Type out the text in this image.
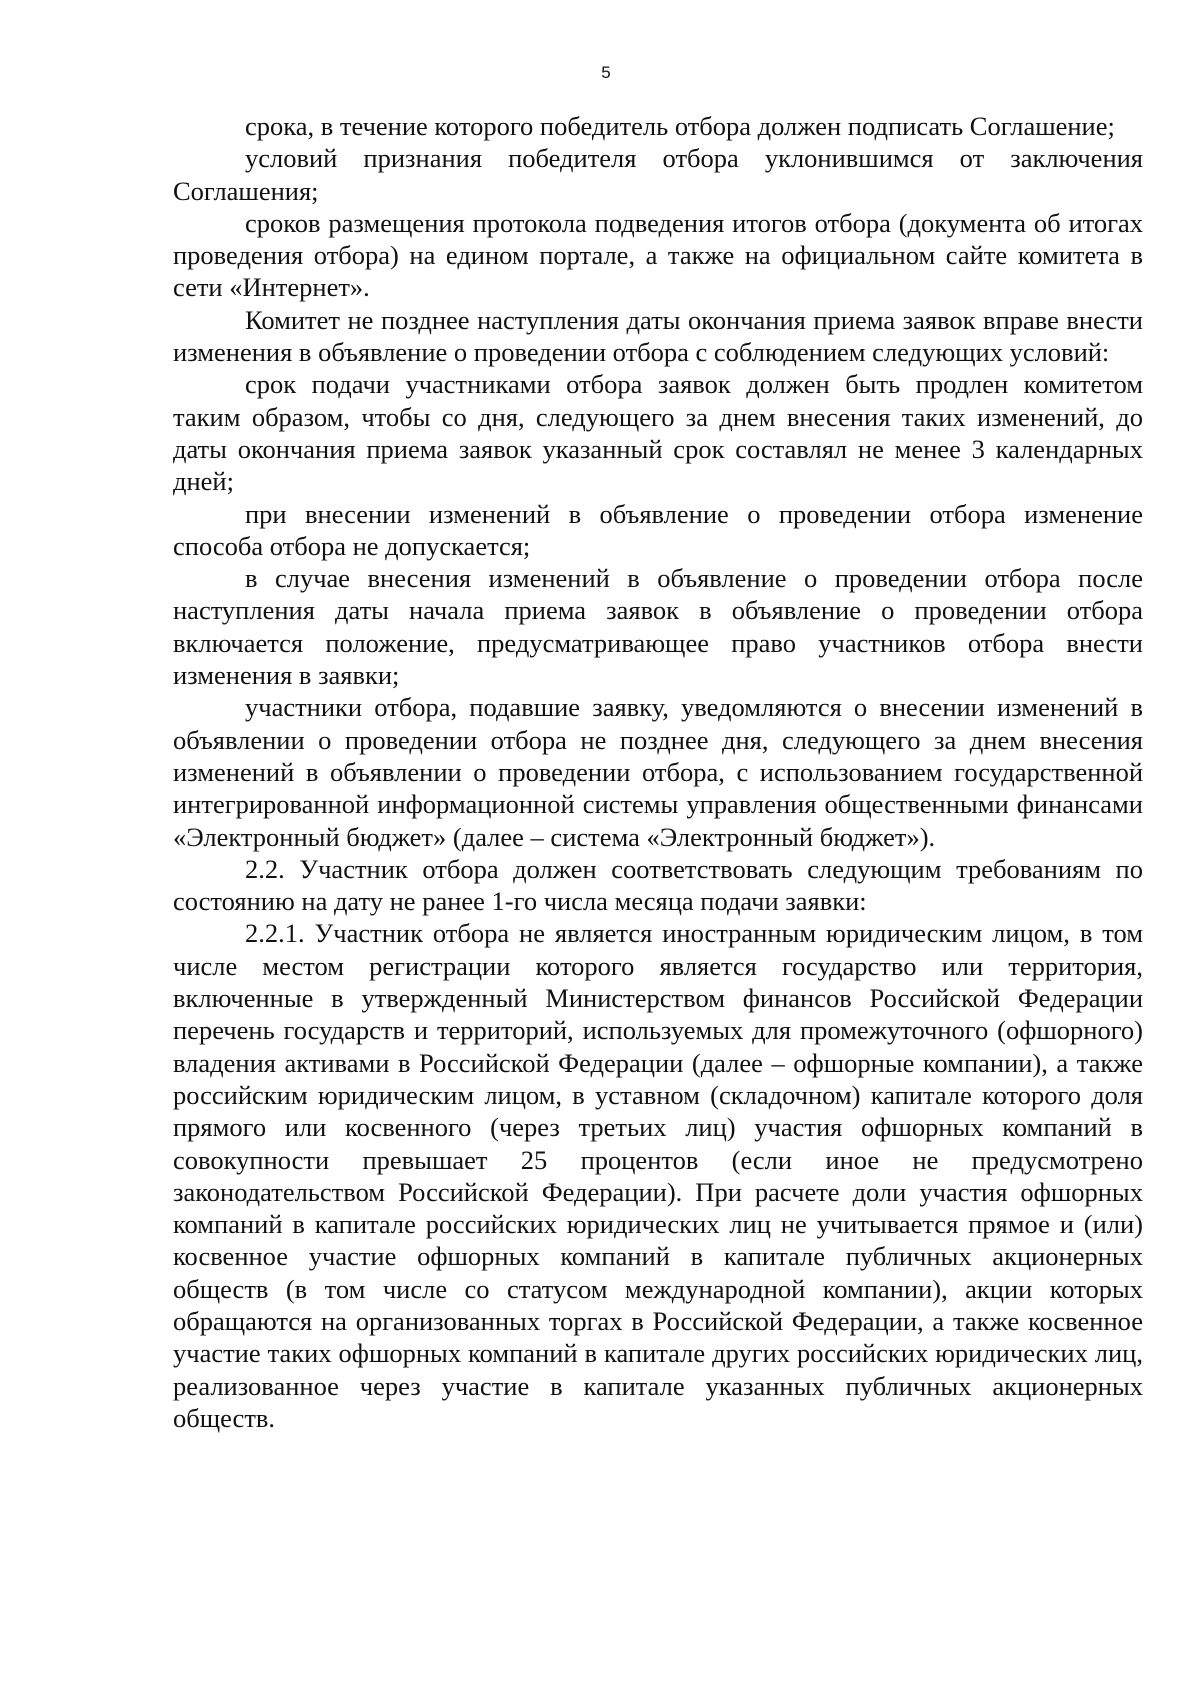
5

срока, в течение которого победитель отбора должен подписать Соглашение;

условий признания победителя отбора уклонившимся от заключения Соглашения;

сроков размещения протокола подведения итогов отбора (документа об итогах проведения отбора) на едином портале, а также на официальном сайте комитета в сети «Интернет».

Комитет не позднее наступления даты окончания приема заявок вправе внести изменения в объявление о проведении отбора с соблюдением следующих условий:

срок подачи участниками отбора заявок должен быть продлен комитетом таким образом, чтобы со дня, следующего за днем внесения таких изменений, до даты окончания приема заявок указанный срок составлял не менее 3 календарных дней;

при внесении изменений в объявление о проведении отбора изменение способа отбора не допускается;

в случае внесения изменений в объявление о проведении отбора после наступления даты начала приема заявок в объявление о проведении отбора включается положение, предусматривающее право участников отбора внести изменения в заявки;

участники отбора, подавшие заявку, уведомляются о внесении изменений в объявлении о проведении отбора не позднее дня, следующего за днем внесения изменений в объявлении о проведении отбора, с использованием государственной интегрированной информационной системы управления общественными финансами «Электронный бюджет» (далее – система «Электронный бюджет»).

2.2. Участник отбора должен соответствовать следующим требованиям по состоянию на дату не ранее 1-го числа месяца подачи заявки:

2.2.1. Участник отбора не является иностранным юридическим лицом, в том числе местом регистрации которого является государство или территория, включенные в утвержденный Министерством финансов Российской Федерации перечень государств и территорий, используемых для промежуточного (офшорного) владения активами в Российской Федерации (далее – офшорные компании), а также российским юридическим лицом, в уставном (складочном) капитале которого доля прямого или косвенного (через третьих лиц) участия офшорных компаний в совокупности превышает 25 процентов (если иное не предусмотрено законодательством Российской Федерации). При расчете доли участия офшорных компаний в капитале российских юридических лиц не учитывается прямое и (или) косвенное участие офшорных компаний в капитале публичных акционерных обществ (в том числе со статусом международной компании), акции которых обращаются на организованных торгах в Российской Федерации, а также косвенное участие таких офшорных компаний в капитале других российских юридических лиц, реализованное через участие в капитале указанных публичных акционерных обществ.
